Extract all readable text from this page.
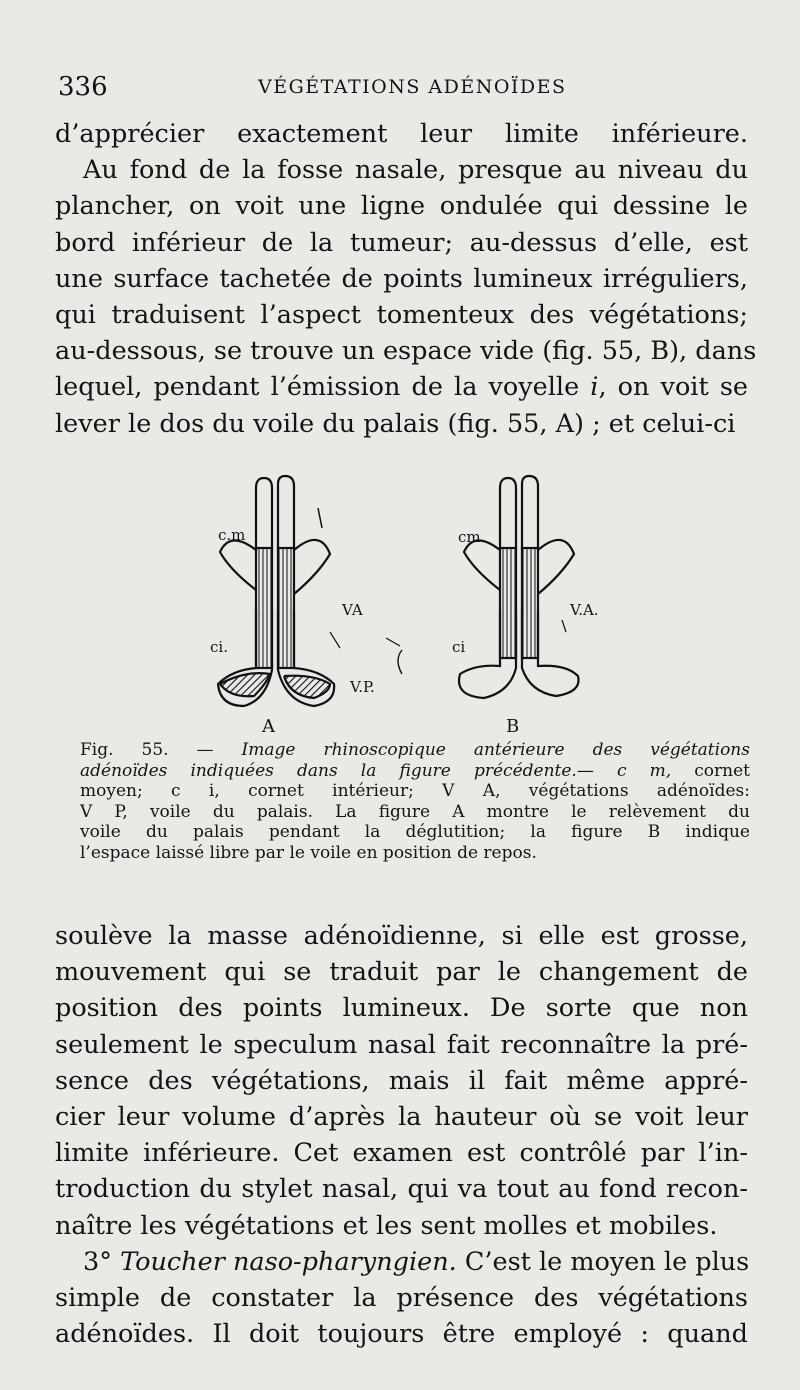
336	VÉGÉTATIONS ADÉNOÏDES
d’apprécier exactement leur limite inférieure.
Au fond de la fosse nasale, presque au niveau du
plancher, on voit une ligne ondulée qui dessine le
bord inférieur de la tumeur; au-dessus d’elle, est
une surface tachetée de points lumineux irréguliers,
qui traduisent l’aspect tomenteux des végétations;
au-dessous, se trouve un espace vide (fig. 55, B), dans
lequel, pendant l’émission de la voyelle i, on voit se
lever le dos du voile du palais (fig. 55, A) ; et celui-ci
c.m
ci.
VA
V.P.
A
cm
ci
V.A.
B
Fig. 55. — Image rhinoscopique antérieure des végétations
adénoïdes indiquées dans la figure précédente.— c m, cornet
moyen; c i, cornet intérieur; V A, végétations adénoïdes:
V P, voile du palais. La figure A montre le relèvement du
voile du palais pendant la déglutition; la figure B indique
l’espace laissé libre par le voile en position de repos.
soulève la masse adénoïdienne, si elle est grosse,
mouvement qui se traduit par le changement de
position des points lumineux. De sorte que non
seulement le speculum nasal fait reconnaître la pré-
sence des végétations, mais il fait même appré-
cier leur volume d’après la hauteur où se voit leur
limite inférieure. Cet examen est contrôlé par l’in-
troduction du stylet nasal, qui va tout au fond recon-
naître les végétations et les sent molles et mobiles.
3° Toucher naso-pharyngien. C’est le moyen le plus
simple de constater la présence des végétations
adénoïdes. Il doit toujours être employé : quand
